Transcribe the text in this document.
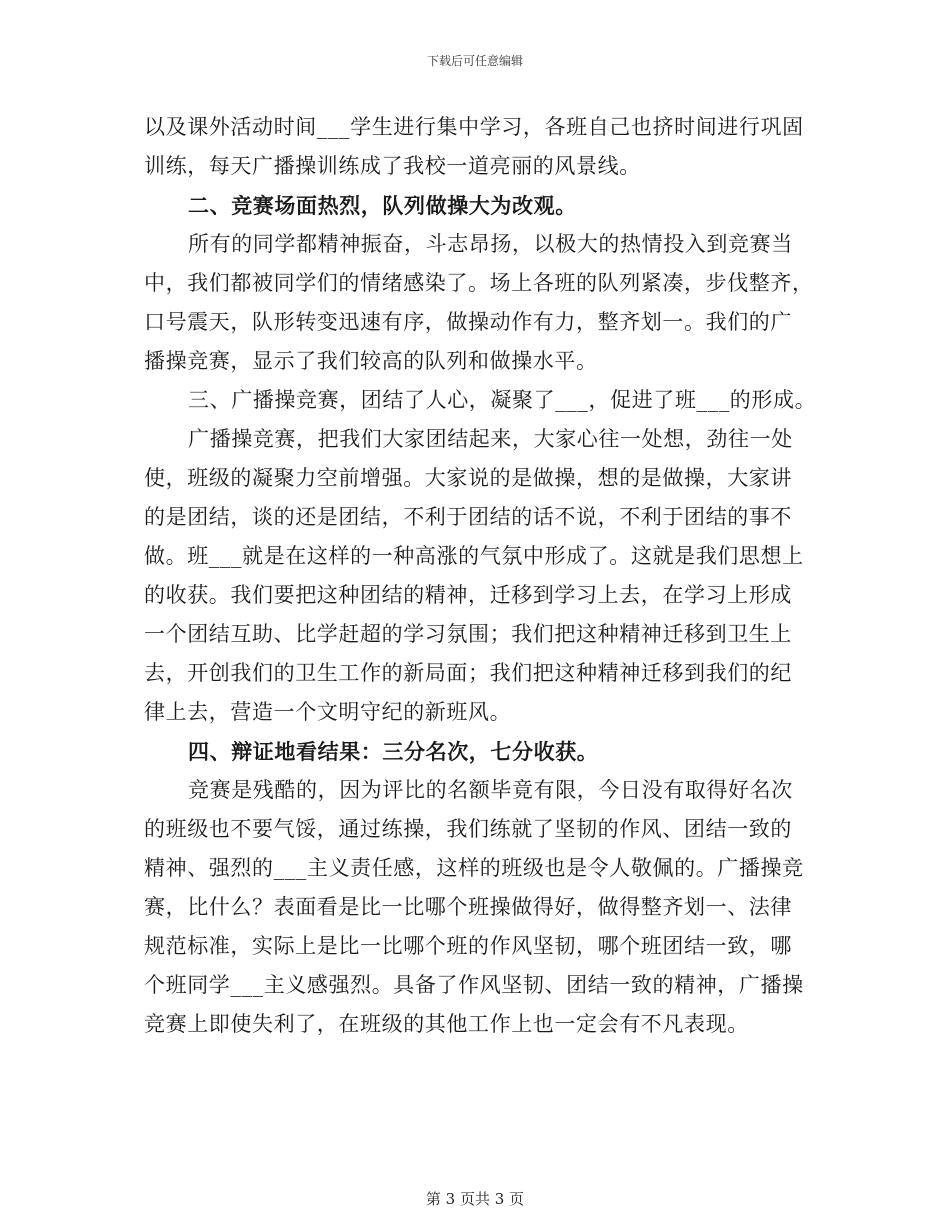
下载后可任意编辑
以及课外活动时间___学生进行集中学习，各班自己也挤时间进行巩固
训练，每天广播操训练成了我校一道亮丽的风景线。
二、竞赛场面热烈，队列做操大为改观。
所有的同学都精神振奋，斗志昂扬，以极大的热情投入到竞赛当
中，我们都被同学们的情绪感染了。场上各班的队列紧凑，步伐整齐，
口号震天，队形转变迅速有序，做操动作有力，整齐划一。我们的广
播操竞赛，显示了我们较高的队列和做操水平。
三、广播操竞赛，团结了人心，凝聚了___，促进了班___的形成。
广播操竞赛，把我们大家团结起来，大家心往一处想，劲往一处
使，班级的凝聚力空前增强。大家说的是做操，想的是做操，大家讲
的是团结，谈的还是团结，不利于团结的话不说，不利于团结的事不
做。班___就是在这样的一种高涨的气氛中形成了。这就是我们思想上
的收获。我们要把这种团结的精神，迁移到学习上去，在学习上形成
一个团结互助、比学赶超的学习氛围；我们把这种精神迁移到卫生上
去，开创我们的卫生工作的新局面；我们把这种精神迁移到我们的纪
律上去，营造一个文明守纪的新班风。
四、辩证地看结果：三分名次，七分收获。
竞赛是残酷的，因为评比的名额毕竟有限，今日没有取得好名次
的班级也不要气馁，通过练操，我们练就了坚韧的作风、团结一致的
精神、强烈的___主义责任感，这样的班级也是令人敬佩的。广播操竞
赛，比什么？表面看是比一比哪个班操做得好，做得整齐划一、法律
规范标准，实际上是比一比哪个班的作风坚韧，哪个班团结一致，哪
个班同学___主义感强烈。具备了作风坚韧、团结一致的精神，广播操
竞赛上即使失利了，在班级的其他工作上也一定会有不凡表现。
第 3 页共 3 页
